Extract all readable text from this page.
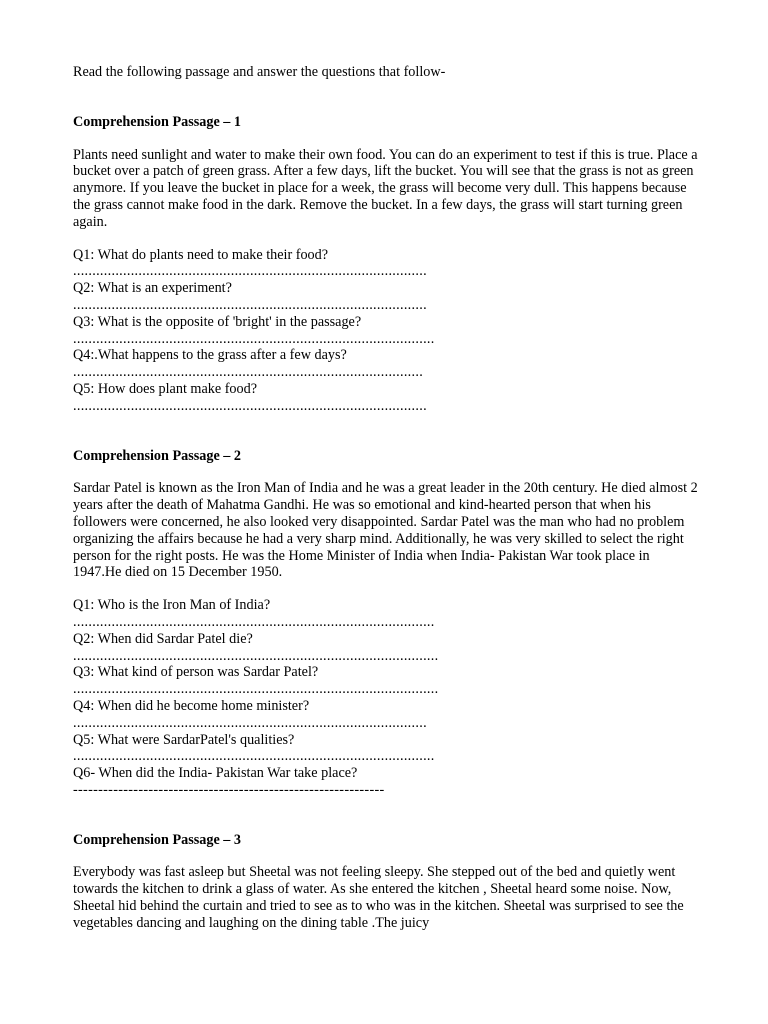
Read the following passage and answer the questions that follow-

Comprehension Passage – 1

Plants need sunlight and water to make their own food. You can do an experiment to test if this is true. Place a bucket over a patch of green grass. After a few days, lift the bucket. You will see that the grass is not as green anymore. If you leave the bucket in place for a week, the grass will become very dull. This happens because the grass cannot make food in the dark. Remove the bucket. In a few days, the grass will start turning green again.

Q1: What do plants need to make their food?

............................................................................................

Q2: What is an experiment?

............................................................................................

Q3: What is the opposite of 'bright' in the passage?

..............................................................................................

Q4:.What happens to the grass after a few days?

...........................................................................................

Q5: How does plant make food?

............................................................................................

Comprehension Passage – 2

Sardar Patel is known as the Iron Man of India and he was a great leader in the 20th century. He died almost 2 years after the death of Mahatma Gandhi. He was so emotional and kind-hearted person that when his followers were concerned, he also looked very disappointed. Sardar Patel was the man who had no problem organizing the affairs because he had a very sharp mind. Additionally, he was very skilled to select the right person for the right posts. He was the Home Minister of India when India- Pakistan War took place in 1947.He died on 15 December 1950.

Q1: Who is the Iron Man of India?

..............................................................................................

Q2: When did Sardar Patel die?

...............................................................................................

Q3: What kind of person was Sardar Patel?

...............................................................................................

Q4: When did he become home minister?

............................................................................................

Q5: What were SardarPatel's qualities?

..............................................................................................

Q6- When did the India- Pakistan War take place?

--------------------------------------------------------------

Comprehension Passage – 3

Everybody was fast asleep but Sheetal was not feeling sleepy. She stepped out of the bed and quietly went towards the kitchen to drink a glass of water. As she entered the kitchen , Sheetal heard some noise. Now, Sheetal hid behind the curtain and tried to see as to who was in the kitchen. Sheetal was surprised to see the vegetables dancing and laughing on the dining table .The juicy
